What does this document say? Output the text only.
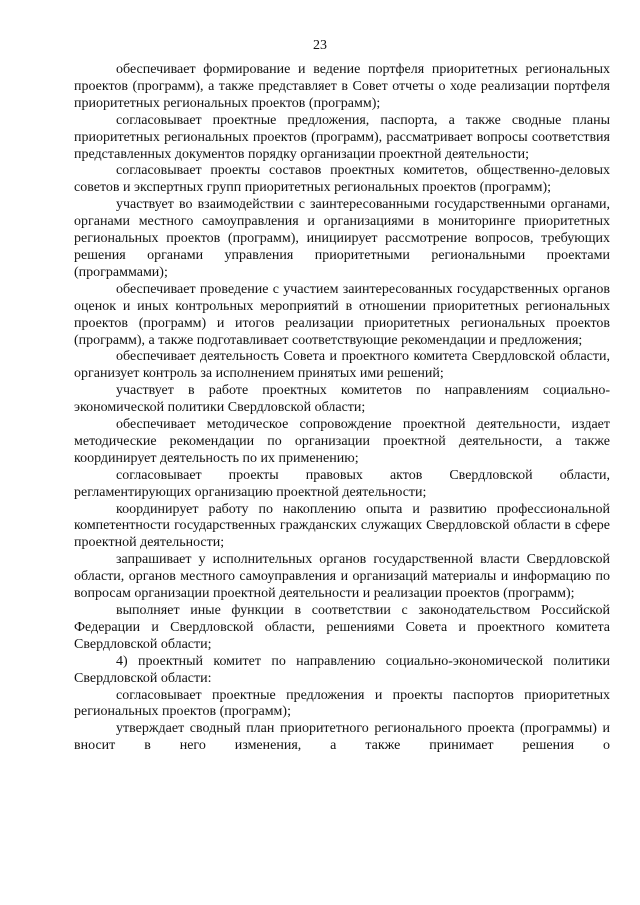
23

обеспечивает формирование и ведение портфеля приоритетных региональных проектов (программ), а также представляет в Совет отчеты о ходе реализации портфеля приоритетных региональных проектов (программ);

согласовывает проектные предложения, паспорта, а также сводные планы приоритетных региональных проектов (программ), рассматривает вопросы соответствия представленных документов порядку организации проектной деятельности;

согласовывает проекты составов проектных комитетов, общественно-деловых советов и экспертных групп приоритетных региональных проектов (программ);

участвует во взаимодействии с заинтересованными государственными органами, органами местного самоуправления и организациями в мониторинге приоритетных региональных проектов (программ), инициирует рассмотрение вопросов, требующих решения органами управления приоритетными региональными проектами (программами);

обеспечивает проведение с участием заинтересованных государственных органов оценок и иных контрольных мероприятий в отношении приоритетных региональных проектов (программ) и итогов реализации приоритетных региональных проектов (программ), а также подготавливает соответствующие рекомендации и предложения;

обеспечивает деятельность Совета и проектного комитета Свердловской области, организует контроль за исполнением принятых ими решений;

участвует в работе проектных комитетов по направлениям социально-экономической политики Свердловской области;

обеспечивает методическое сопровождение проектной деятельности, издает методические рекомендации по организации проектной деятельности, а также координирует деятельность по их применению;

согласовывает проекты правовых актов Свердловской области, регламентирующих организацию проектной деятельности;

координирует работу по накоплению опыта и развитию профессиональной компетентности государственных гражданских служащих Свердловской области в сфере проектной деятельности;

запрашивает у исполнительных органов государственной власти Свердловской области, органов местного самоуправления и организаций материалы и информацию по вопросам организации проектной деятельности и реализации проектов (программ);

выполняет иные функции в соответствии с законодательством Российской Федерации и Свердловской области, решениями Совета и проектного комитета Свердловской области;

4) проектный комитет по направлению социально-экономической политики Свердловской области:

согласовывает проектные предложения и проекты паспортов приоритетных региональных проектов (программ);

утверждает сводный план приоритетного регионального проекта (программы) и вносит в него изменения, а также принимает решения о
